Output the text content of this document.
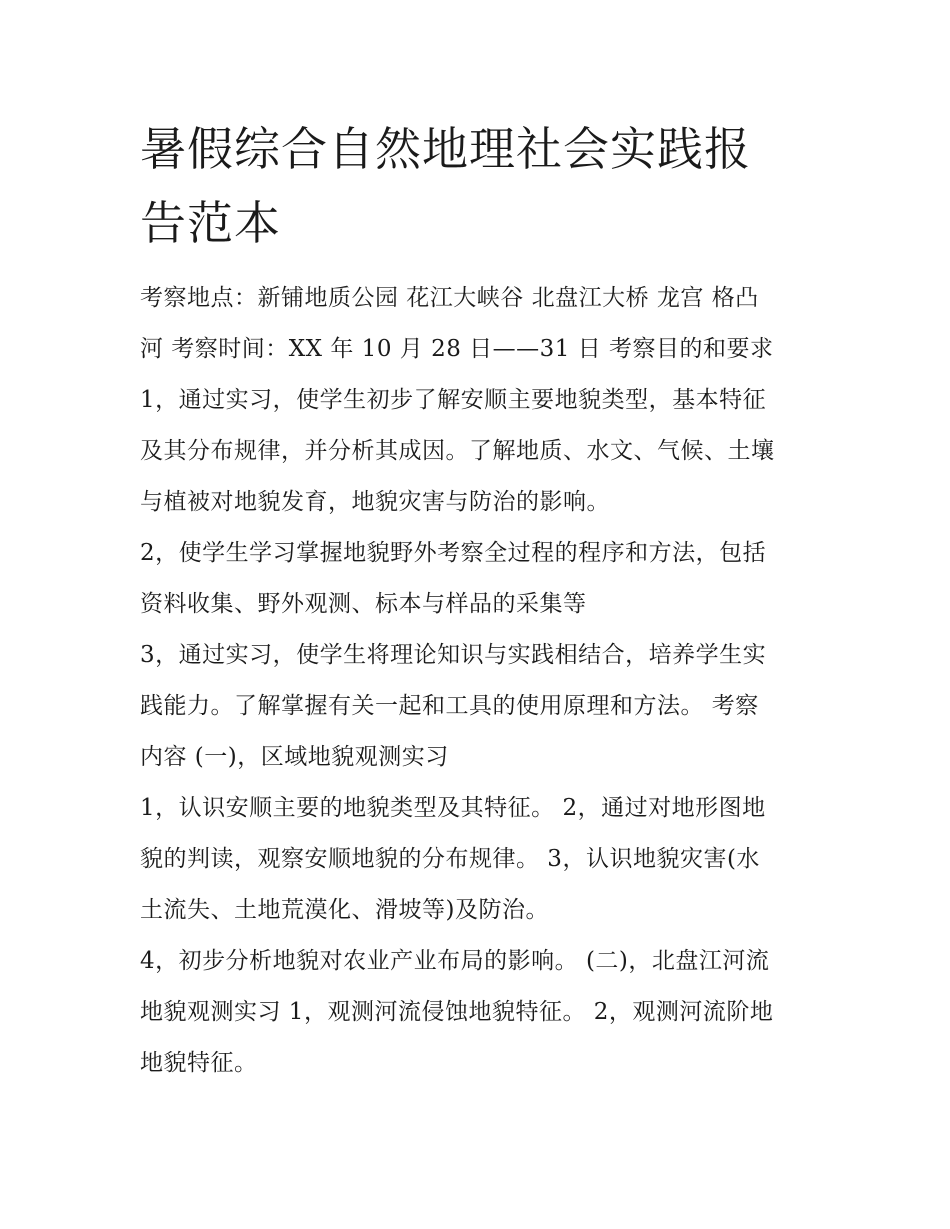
暑假综合自然地理社会实践报
告范本
考察地点：新铺地质公园 花江大峡谷 北盘江大桥 龙宫 格凸
河 考察时间：XX 年 10 月 28 日——31 日 考察目的和要求
1，通过实习，使学生初步了解安顺主要地貌类型，基本特征
及其分布规律，并分析其成因。了解地质、水文、气候、土壤
与植被对地貌发育，地貌灾害与防治的影响。
2，使学生学习掌握地貌野外考察全过程的程序和方法，包括
资料收集、野外观测、标本与样品的采集等
3，通过实习，使学生将理论知识与实践相结合，培养学生实
践能力。了解掌握有关一起和工具的使用原理和方法。 考察
内容 (一)，区域地貌观测实习
1，认识安顺主要的地貌类型及其特征。 2，通过对地形图地
貌的判读，观察安顺地貌的分布规律。 3，认识地貌灾害(水
土流失、土地荒漠化、滑坡等)及防治。
4，初步分析地貌对农业产业布局的影响。 (二)，北盘江河流
地貌观测实习 1，观测河流侵蚀地貌特征。 2，观测河流阶地
地貌特征。
